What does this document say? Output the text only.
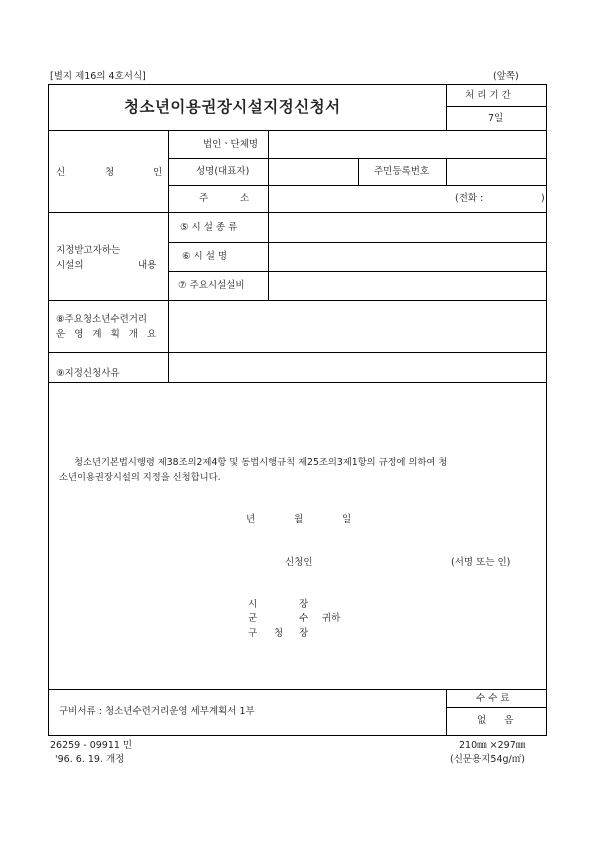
[별지 제16의 4호서식]	(앞쪽)
청소년이용권장시설지정신청서
처 리 기 간
7일
신	청	인
법인ㆍ단체명
성명(대표자)	주민등록번호
주	소	(전화 :	)
지정받고자하는
시설의	내용
⑤ 시 설 종 류
⑥ 시 설 명
⑦ 주요시설설비
⑧주요청소년수련거리
운 영 계 획 개 요
⑨지정신청사유
청소년기본법시행령 제38조의2제4항 및 동법시행규칙 제25조의3제1항의 규정에 의하여 청
소년이용권장시설의 지정을 신청합니다.
년	월	일
신청인	(서명 또는 인)
시	장
군	수 귀하
구 청 장
구비서류 : 청소년수련거리운영 세부계획서 1부
수 수 료
없      음
26259 - 09911 민
'96. 6. 19. 개정
210㎜ ×297㎜
(신문용지54g/㎡)
